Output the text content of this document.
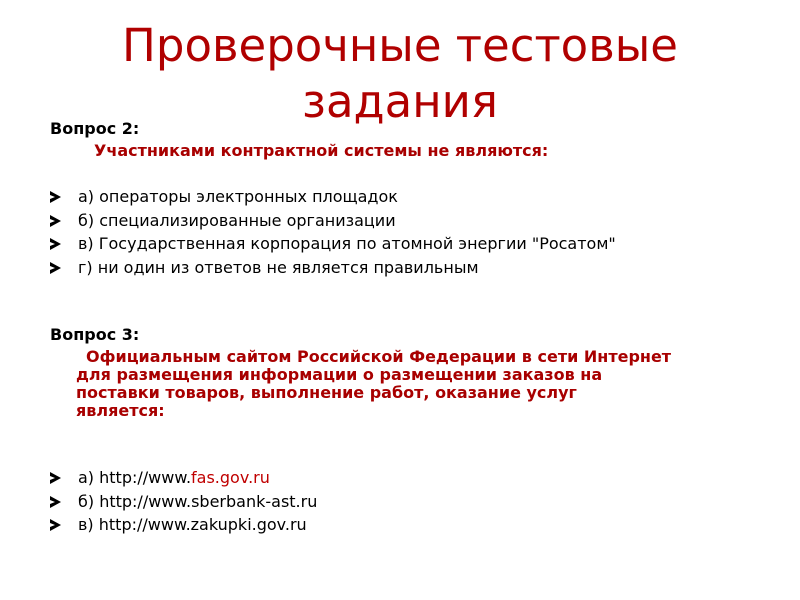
Проверочные тестовые
задания
Вопрос 2:
Участниками контрактной системы не являются:
а) операторы электронных площадок
б) специализированные организации
в) Государственная корпорация по атомной энергии "Росатом"
г) ни один из ответов не является правильным
Вопрос 3:
Официальным сайтом Российской Федерации в сети Интернет
для размещения информации о размещении заказов на
поставки товаров, выполнение работ, оказание услуг
является:
а) http://www.fas.gov.ru
б) http://www.sberbank-ast.ru
в) http://www.zakupki.gov.ru
